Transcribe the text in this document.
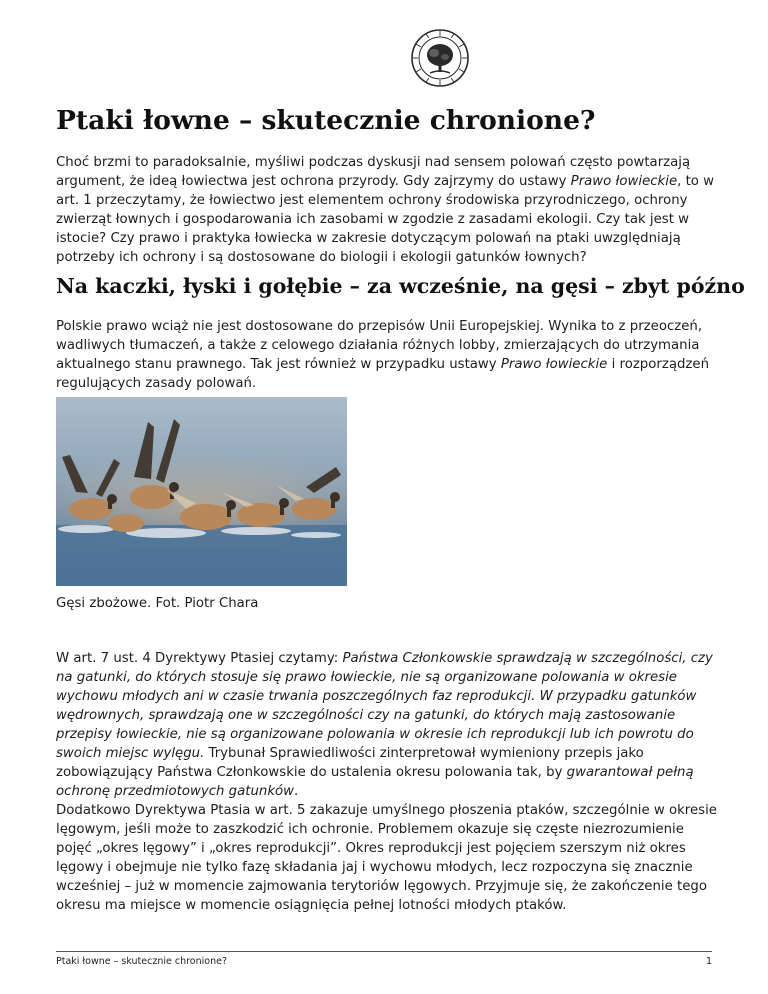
Ptaki łowne – skutecznie chronione?

Choć brzmi to paradoksalnie, myśliwi podczas dyskusji nad sensem polowań często powtarzają argument, że ideą łowiectwa jest ochrona przyrody. Gdy zajrzymy do ustawy Prawo łowieckie, to w art. 1 przeczytamy, że łowiectwo jest elementem ochrony środowiska przyrodniczego, ochrony zwierząt łownych i gospodarowania ich zasobami w zgodzie z zasadami ekologii. Czy tak jest w istocie? Czy prawo i praktyka łowiecka w zakresie dotyczącym polowań na ptaki uwzględniają potrzeby ich ochrony i są dostosowane do biologii i ekologii gatunków łownych?

Na kaczki, łyski i gołębie – za wcześnie, na gęsi – zbyt późno

Polskie prawo wciąż nie jest dostosowane do przepisów Unii Europejskiej. Wynika to z przeoczeń, wadliwych tłumaczeń, a także z celowego działania różnych lobby, zmierzających do utrzymania aktualnego stanu prawnego. Tak jest również w przypadku ustawy Prawo łowieckie i rozporządzeń regulujących zasady polowań.

Gęsi zbożowe. Fot. Piotr Chara

W art. 7 ust. 4 Dyrektywy Ptasiej czytamy: Państwa Członkowskie sprawdzają w szczególności, czy na gatunki, do których stosuje się prawo łowieckie, nie są organizowane polowania w okresie wychowu młodych ani w czasie trwania poszczególnych faz reprodukcji. W przypadku gatunków wędrownych, sprawdzają one w szczególności czy na gatunki, do których mają zastosowanie przepisy łowieckie, nie są organizowane polowania w okresie ich reprodukcji lub ich powrotu do swoich miejsc wylęgu. Trybunał Sprawiedliwości zinterpretował wymieniony przepis jako zobowiązujący Państwa Członkowskie do ustalenia okresu polowania tak, by gwarantował pełną ochronę przedmiotowych gatunków.

Dodatkowo Dyrektywa Ptasia w art. 5 zakazuje umyślnego płoszenia ptaków, szczególnie w okresie lęgowym, jeśli może to zaszkodzić ich ochronie. Problemem okazuje się częste niezrozumienie pojęć „okres lęgowy” i „okres reprodukcji”. Okres reprodukcji jest pojęciem szerszym niż okres lęgowy i obejmuje nie tylko fazę składania jaj i wychowu młodych, lecz rozpoczyna się znacznie wcześniej – już w momencie zajmowania terytoriów lęgowych. Przyjmuje się, że zakończenie tego okresu ma miejsce w momencie osiągnięcia pełnej lotności młodych ptaków.

Ptaki łowne – skutecznie chronione?	1
